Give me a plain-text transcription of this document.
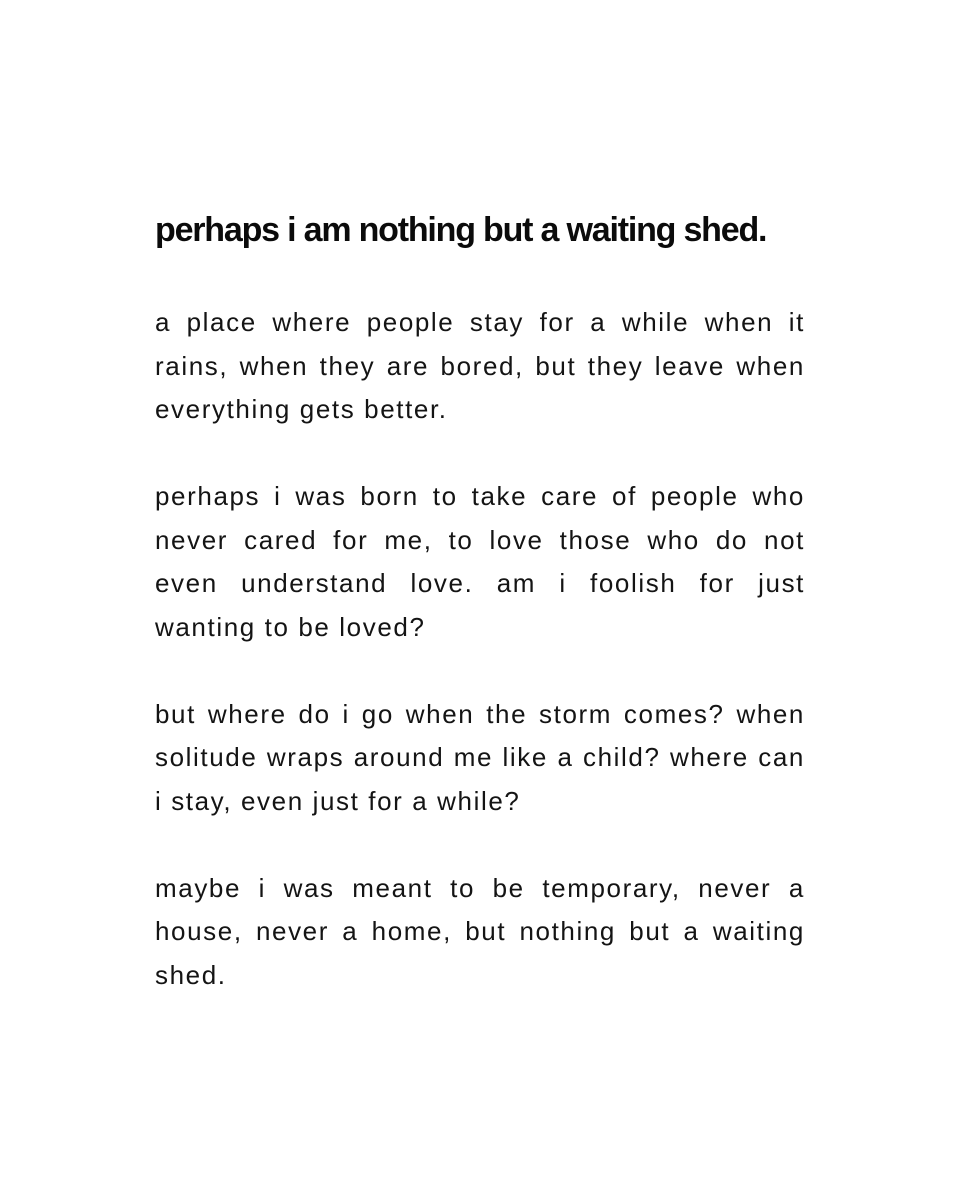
perhaps i am nothing but a waiting shed.

a place where people stay for a while when it rains, when they are bored, but they leave when everything gets better.

perhaps i was born to take care of people who never cared for me, to love those who do not even understand love. am i foolish for just wanting to be loved?

but where do i go when the storm comes? when solitude wraps around me like a child? where can i stay, even just for a while?

maybe i was meant to be temporary, never a house, never a home, but nothing but a waiting shed.
